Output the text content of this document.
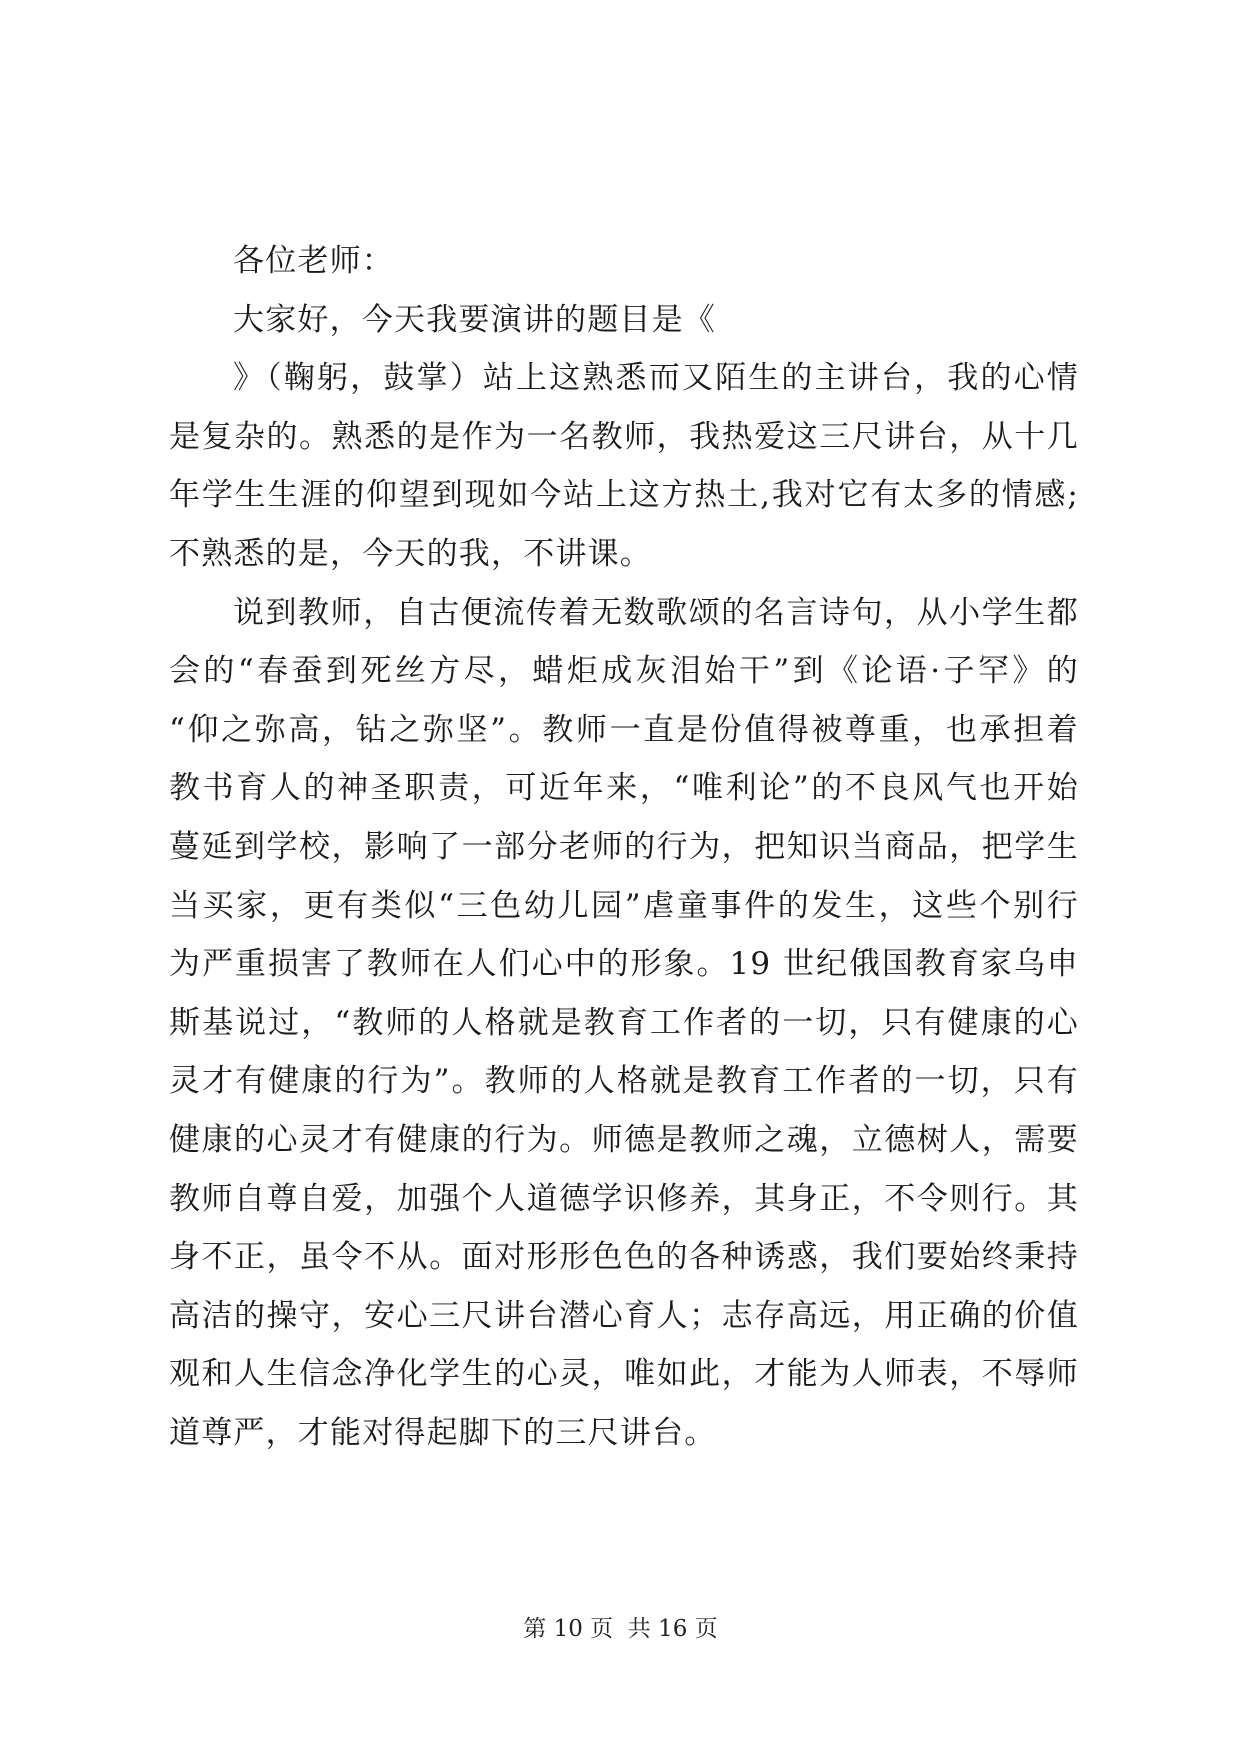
各位老师：
大家好，今天我要演讲的题目是《
》（鞠躬，鼓掌）站上这熟悉而又陌生的主讲台，我的心情
是复杂的。熟悉的是作为一名教师，我热爱这三尺讲台，从十几
年学生生涯的仰望到现如今站上这方热土,我对它有太多的情感;
不熟悉的是，今天的我，不讲课。
说到教师，自古便流传着无数歌颂的名言诗句，从小学生都
会的“春蚕到死丝方尽，蜡炬成灰泪始干”到《论语·子罕》的
“仰之弥高，钻之弥坚”。教师一直是份值得被尊重，也承担着
教书育人的神圣职责，可近年来，“唯利论”的不良风气也开始
蔓延到学校，影响了一部分老师的行为，把知识当商品，把学生
当买家，更有类似“三色幼儿园”虐童事件的发生，这些个别行
为严重损害了教师在人们心中的形象。19 世纪俄国教育家乌申
斯基说过，“教师的人格就是教育工作者的一切，只有健康的心
灵才有健康的行为”。教师的人格就是教育工作者的一切，只有
健康的心灵才有健康的行为。师德是教师之魂，立德树人，需要
教师自尊自爱，加强个人道德学识修养，其身正，不令则行。其
身不正，虽令不从。面对形形色色的各种诱惑，我们要始终秉持
高洁的操守，安心三尺讲台潜心育人；志存高远，用正确的价值
观和人生信念净化学生的心灵，唯如此，才能为人师表，不辱师
道尊严，才能对得起脚下的三尺讲台。
第 10 页  共 16 页
